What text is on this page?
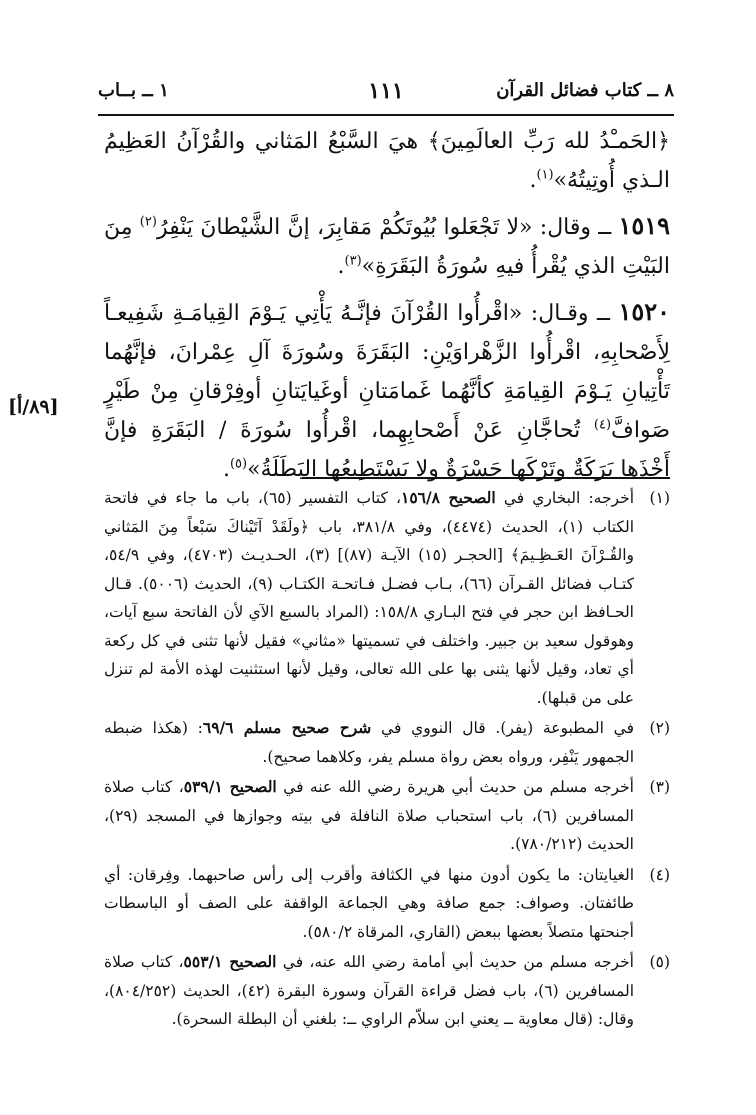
٨ ــ كتاب فضائل القرآن
١١١
١ ــ بــاب

﴿الحَمـْدُ لله رَبِّ العالَمِينَ﴾ هيَ السَّبْعُ المَثاني والقُرْآنُ العَظِيمُ الـذي أُوتِيتُهُ»$^{(١)}$.

١٥١٩ ــ وقال: «لا تَجْعَلوا بُيُوتَكُمْ مَقابِرَ، إنَّ الشَّيْطانَ يَنْفِرُ$^{(٢)}$ مِنَ البَيْتِ الذي يُقْرأُ فيهِ سُورَةُ البَقَرَةِ»$^{(٣)}$.

١٥٢٠ ــ وقـال: «اقْرأُوا القُرْآنَ فإنَّـهُ يَأْتِي يَـوْمَ القِيامَـةِ شَفِيعـاً لِأَصْحابِهِ، اقْرأُوا الزَّهْراوَيْنِ: البَقَرَةَ وسُورَةَ آلِ عِمْرانَ، فإنَّهُما تَأْتِيانِ يَـوْمَ القِيامَةِ كأنَّهُما غَمامَتانِ أوغَيايَتانِ أوفِرْقانِ مِنْ طَيْرٍ صَوافَّ$^{(٤)}$ تُحاجَّانِ عَنْ أَصْحابِهِما، اقْرأُوا سُورَةَ / البَقَرَةِ فإنَّ أَخْذَها بَرَكَةٌ وتَرْكَها حَسْرَةٌ ولا يَسْتَطِيعُها البَطَلَةُ»$^{(٥)}$.

[٨٩/أ]
(١)
أخرجه: البخاري في الصحيح ١٥٦/٨، كتاب التفسير (٦٥)، باب ما جاء في فاتحة الكتاب (١)، الحديث (٤٤٧٤)، وفي ٣٨١/٨، باب ﴿ولَقَدْ آتَيْناكَ سَبْعاً مِنَ المَثاني والقُـرْآنَ العَـظِـيمَ﴾ [الحجـر (١٥) الآيـة (٨٧)] (٣)، الحـديـث (٤٧٠٣)، وفي ٥٤/٩، كتـاب فضائل القـرآن (٦٦)، بـاب فضـل فـاتحـة الكتـاب (٩)، الحديث (٥٠٠٦). قـال الحـافظ ابن حجر في فتح البـاري ١٥٨/٨: (المراد بالسبع الآي لأن الفاتحة سبع آيات، وهوقول سعيد بن جبير. واختلف في تسميتها «مثاني» فقيل لأنها تثنى في كل ركعة أي تعاد، وقيل لأنها يثنى بها على الله تعالى، وقيل لأنها استثنيت لهذه الأمة لم تنزل على من قبلها).
(٢)
في المطبوعة (يفر). قال النووي في شرح صحيح مسلم ٦٩/٦: (هكذا ضبطه الجمهور يَنْفِر، ورواه بعض رواة مسلم يفر، وكلاهما صحيح).
(٣)
أخرجه مسلم من حديث أبي هريرة رضي الله عنه في الصحيح ٥٣٩/١، كتاب صلاة المسافرين (٦)، باب استحباب صلاة النافلة في بيته وجوازها في المسجد (٢٩)، الحديث (٧٨٠/٢١٢).
(٤)
الغيايتان: ما يكون أدون منها في الكثافة وأقرب إلى رأس صاحبهما. وفِرقان: أي طائفتان. وصواف: جمع صافة وهي الجماعة الواقفة على الصف أو الباسطات أجنحتها متصلاً بعضها ببعض (القاري، المرقاة ٥٨٠/٢).
(٥)
أخرجه مسلم من حديث أبي أمامة رضي الله عنه، في الصحيح ٥٥٣/١، كتاب صلاة المسافرين (٦)، باب فضل قراءة القرآن وسورة البقرة (٤٢)، الحديث (٨٠٤/٢٥٢)، وقال: (قال معاوية ــ يعني ابن سلاّم الراوي ــ: بلغني أن البطلة السحرة).
